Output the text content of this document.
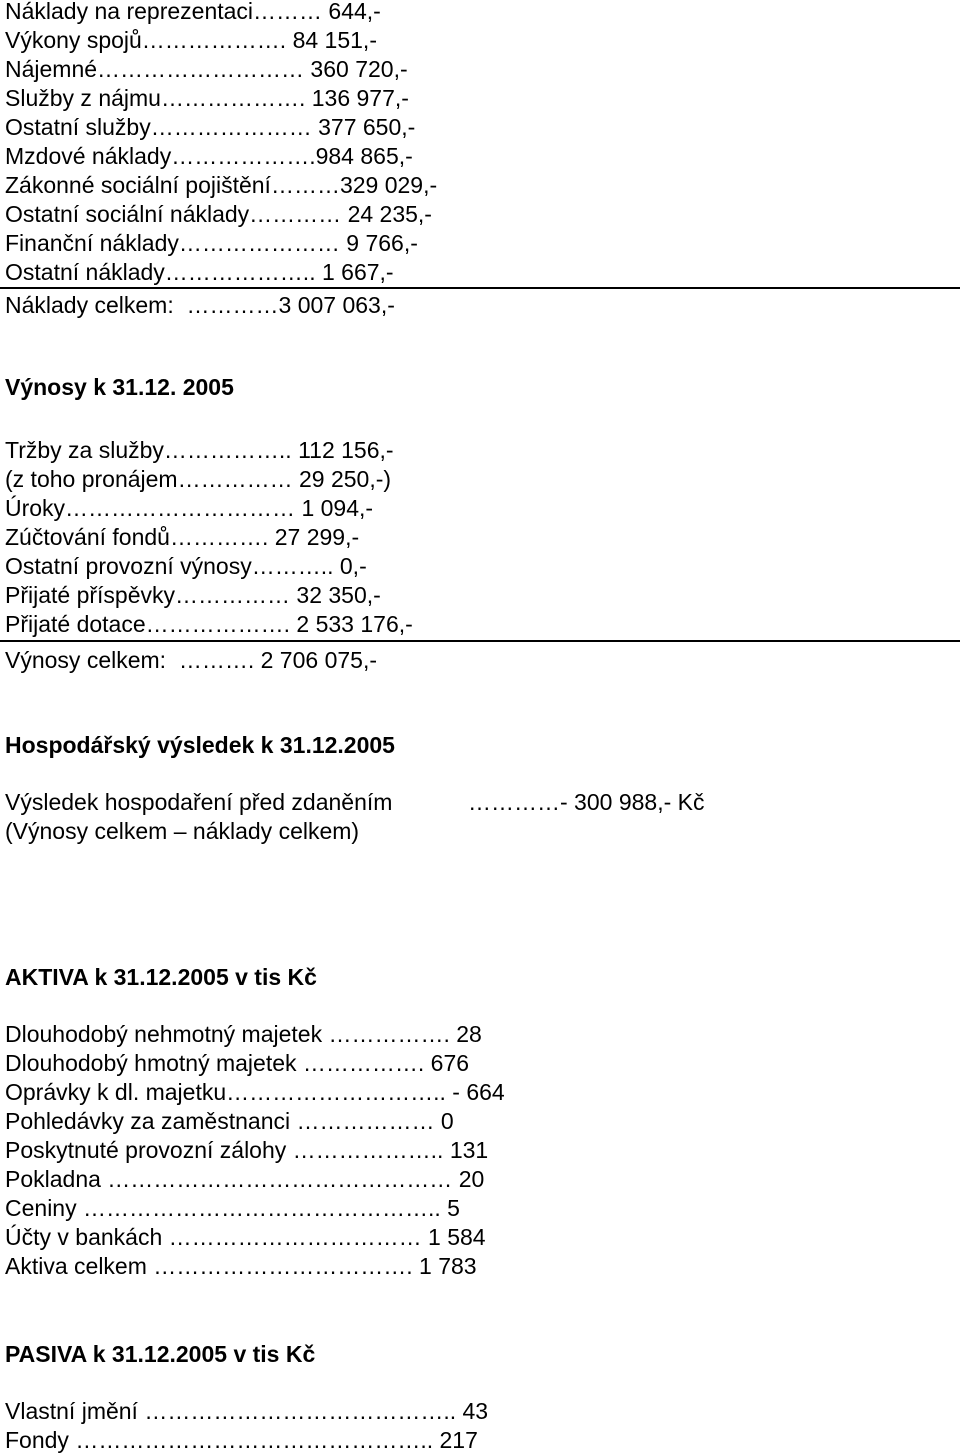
Náklady na reprezentaci……… 644,-
Výkony spojů………………. 84 151,-
Nájemné……………………… 360 720,-
Služby z nájmu………………. 136 977,-
Ostatní služby………………… 377 650,-
Mzdové náklady……………….984 865,-
Zákonné sociální pojištění………329 029,-
Ostatní sociální náklady………… 24 235,-
Finanční náklady………………… 9 766,-
Ostatní náklady……………….. 1 667,-
Náklady celkem:  …………3 007 063,-
Výnosy k 31.12. 2005
Tržby za služby…………….. 112 156,-
(z toho pronájem…………… 29 250,-)
Úroky………………………… 1 094,-
Zúčtování fondů…………. 27 299,-
Ostatní provozní výnosy……….. 0,-
Přijaté příspěvky…………… 32 350,-
Přijaté dotace………………. 2 533 176,-
Výnosy celkem:  ………. 2 706 075,-
Hospodářský výsledek k 31.12.2005
Výsledek hospodaření před zdaněním	…………- 300 988,- Kč
(Výnosy celkem – náklady celkem)
AKTIVA k 31.12.2005 v tis Kč
Dlouhodobý nehmotný majetek ……………. 28
Dlouhodobý hmotný majetek ……………. 676
Oprávky k dl. majetku……………………….. - 664
Pohledávky za zaměstnanci ……………… 0
Poskytnuté provozní zálohy ……………….. 131
Pokladna ……………………………………… 20
Ceniny ……………………………………….. 5
Účty v bankách …………………………… 1 584
Aktiva celkem ……………………………. 1 783
PASIVA k 31.12.2005 v tis Kč
Vlastní jmění ………………………………….. 43
Fondy ……………………………………….. 217
